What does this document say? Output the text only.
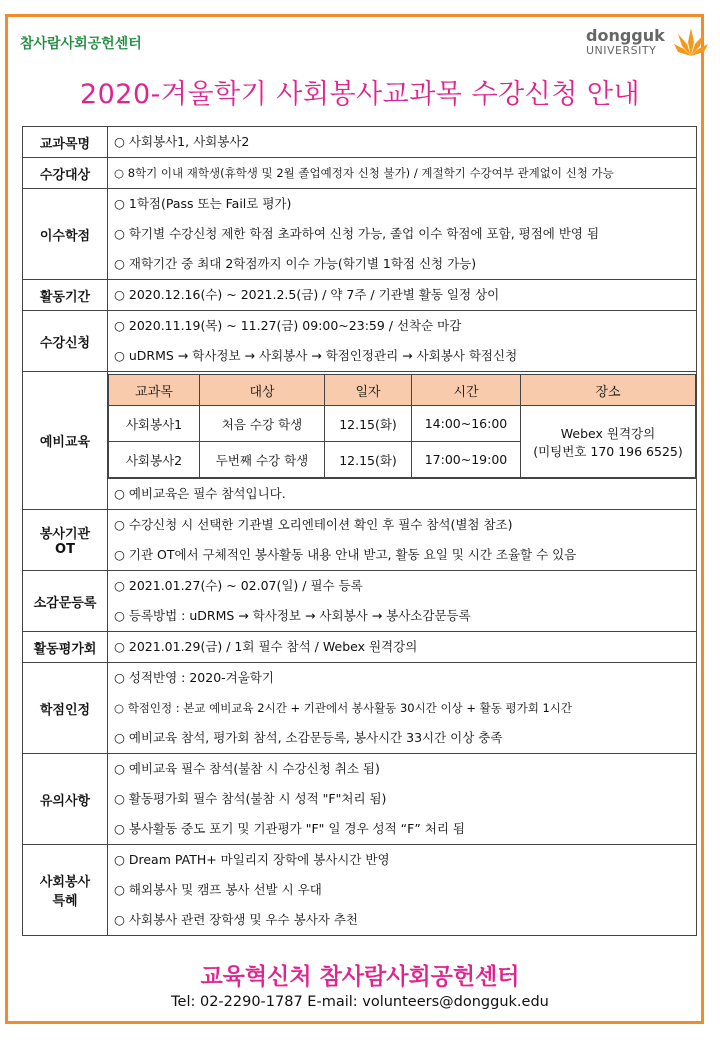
참사람사회공헌센터	dongguk
UNIVERSITY
2020-겨울학기 사회봉사교과목 수강신청 안내
교과목명	○ 사회봉사1, 사회봉사2

수강대상	○ 8학기 이내 재학생(휴학생 및 2월 졸업예정자 신청 불가) / 계절학기 수강여부 관계없이 신청 가능

이수학점	
○ 1학점(Pass 또는 Fail로 평가)
○ 학기별 수강신청 제한 학점 초과하여 신청 가능, 졸업 이수 학점에 포함, 평점에 반영 됨
○ 재학기간 중 최대 2학점까지 이수 가능(학기별 1학점 신청 가능)

활동기간	○ 2020.12.16(수) ~ 2021.2.5(금) / 약 7주 / 기관별 활동 일정 상이

수강신청	
○ 2020.11.19(목) ~ 11.27(금) 09:00~23:59 / 선착순 마감
○ uDRMS → 학사정보 → 사회봉사 → 학점인정관리 → 사회봉사 학점신청

예비교육	
교과목	대상	일자	시간	장소
사회봉사1	처음 수강 학생	12.15(화)	14:00~16:00	
Webex 원격강의
(미팅번호 170 196 6525)

사회봉사2	두번째 수강 학생	12.15(화)	17:00~19:00
○ 예비교육은 필수 참석입니다.

봉사기관
OT

○ 수강신청 시 선택한 기관별 오리엔테이션 확인 후 필수 참석(별첨 참조)
○ 기관 OT에서 구체적인 봉사활동 내용 안내 받고, 활동 요일 및 시간 조율할 수 있음

소감문등록	
○ 2021.01.27(수) ~ 02.07(일) / 필수 등록
○ 등록방법 : uDRMS → 학사정보 → 사회봉사 → 봉사소감문등록

활동평가회	○ 2021.01.29(금) / 1회 필수 참석 / Webex 원격강의

학점인정	
○ 성적반영 : 2020-겨울학기
○ 학점인정 : 본교 예비교육 2시간 + 기관에서 봉사활동 30시간 이상 + 활동 평가회 1시간
○ 예비교육 참석, 평가회 참석, 소감문등록, 봉사시간 33시간 이상 충족

유의사항	
○ 예비교육 필수 참석(불참 시 수강신청 취소 됨)
○ 활동평가회 필수 참석(불참 시 성적 "F"처리 됨)
○ 봉사활동 중도 포기 및 기관평가 "F" 일 경우 성적 “F” 처리 됨

사회봉사
특혜

○ Dream PATH+ 마일리지 장학에 봉사시간 반영
○ 해외봉사 및 캠프 봉사 선발 시 우대
○ 사회봉사 관련 장학생 및 우수 봉사자 추천
교육혁신처 참사람사회공헌센터
Tel: 02-2290-1787 E-mail: volunteers@dongguk.edu
